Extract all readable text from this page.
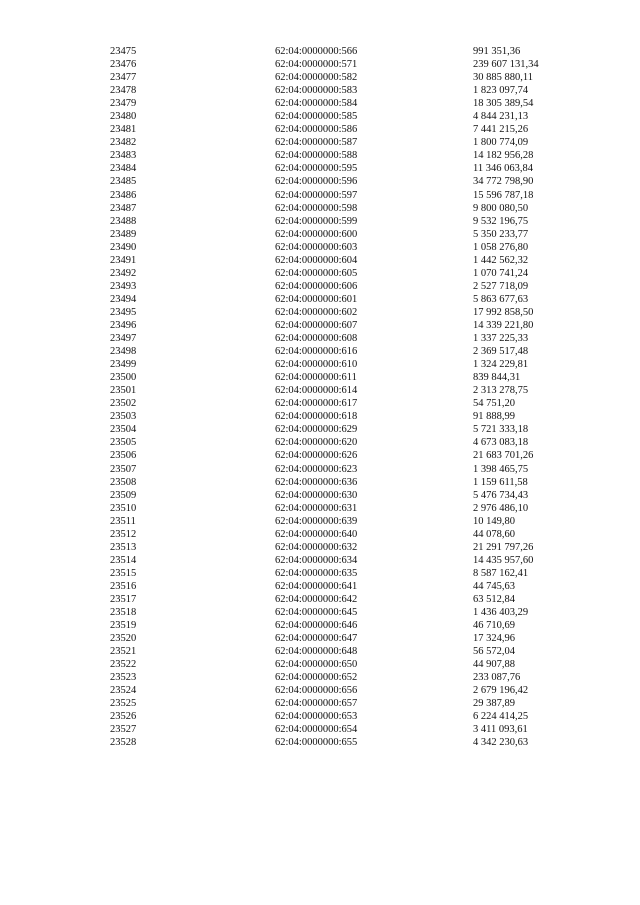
23475	62:04:0000000:566	991 351,36
23476	62:04:0000000:571	239 607 131,34
23477	62:04:0000000:582	30 885 880,11
23478	62:04:0000000:583	1 823 097,74
23479	62:04:0000000:584	18 305 389,54
23480	62:04:0000000:585	4 844 231,13
23481	62:04:0000000:586	7 441 215,26
23482	62:04:0000000:587	1 800 774,09
23483	62:04:0000000:588	14 182 956,28
23484	62:04:0000000:595	11 346 063,84
23485	62:04:0000000:596	34 772 798,90
23486	62:04:0000000:597	15 596 787,18
23487	62:04:0000000:598	9 800 080,50
23488	62:04:0000000:599	9 532 196,75
23489	62:04:0000000:600	5 350 233,77
23490	62:04:0000000:603	1 058 276,80
23491	62:04:0000000:604	1 442 562,32
23492	62:04:0000000:605	1 070 741,24
23493	62:04:0000000:606	2 527 718,09
23494	62:04:0000000:601	5 863 677,63
23495	62:04:0000000:602	17 992 858,50
23496	62:04:0000000:607	14 339 221,80
23497	62:04:0000000:608	1 337 225,33
23498	62:04:0000000:616	2 369 517,48
23499	62:04:0000000:610	1 324 229,81
23500	62:04:0000000:611	839 844,31
23501	62:04:0000000:614	2 313 278,75
23502	62:04:0000000:617	54 751,20
23503	62:04:0000000:618	91 888,99
23504	62:04:0000000:629	5 721 333,18
23505	62:04:0000000:620	4 673 083,18
23506	62:04:0000000:626	21 683 701,26
23507	62:04:0000000:623	1 398 465,75
23508	62:04:0000000:636	1 159 611,58
23509	62:04:0000000:630	5 476 734,43
23510	62:04:0000000:631	2 976 486,10
23511	62:04:0000000:639	10 149,80
23512	62:04:0000000:640	44 078,60
23513	62:04:0000000:632	21 291 797,26
23514	62:04:0000000:634	14 435 957,60
23515	62:04:0000000:635	8 587 162,41
23516	62:04:0000000:641	44 745,63
23517	62:04:0000000:642	63 512,84
23518	62:04:0000000:645	1 436 403,29
23519	62:04:0000000:646	46 710,69
23520	62:04:0000000:647	17 324,96
23521	62:04:0000000:648	56 572,04
23522	62:04:0000000:650	44 907,88
23523	62:04:0000000:652	233 087,76
23524	62:04:0000000:656	2 679 196,42
23525	62:04:0000000:657	29 387,89
23526	62:04:0000000:653	6 224 414,25
23527	62:04:0000000:654	3 411 093,61
23528	62:04:0000000:655	4 342 230,63
